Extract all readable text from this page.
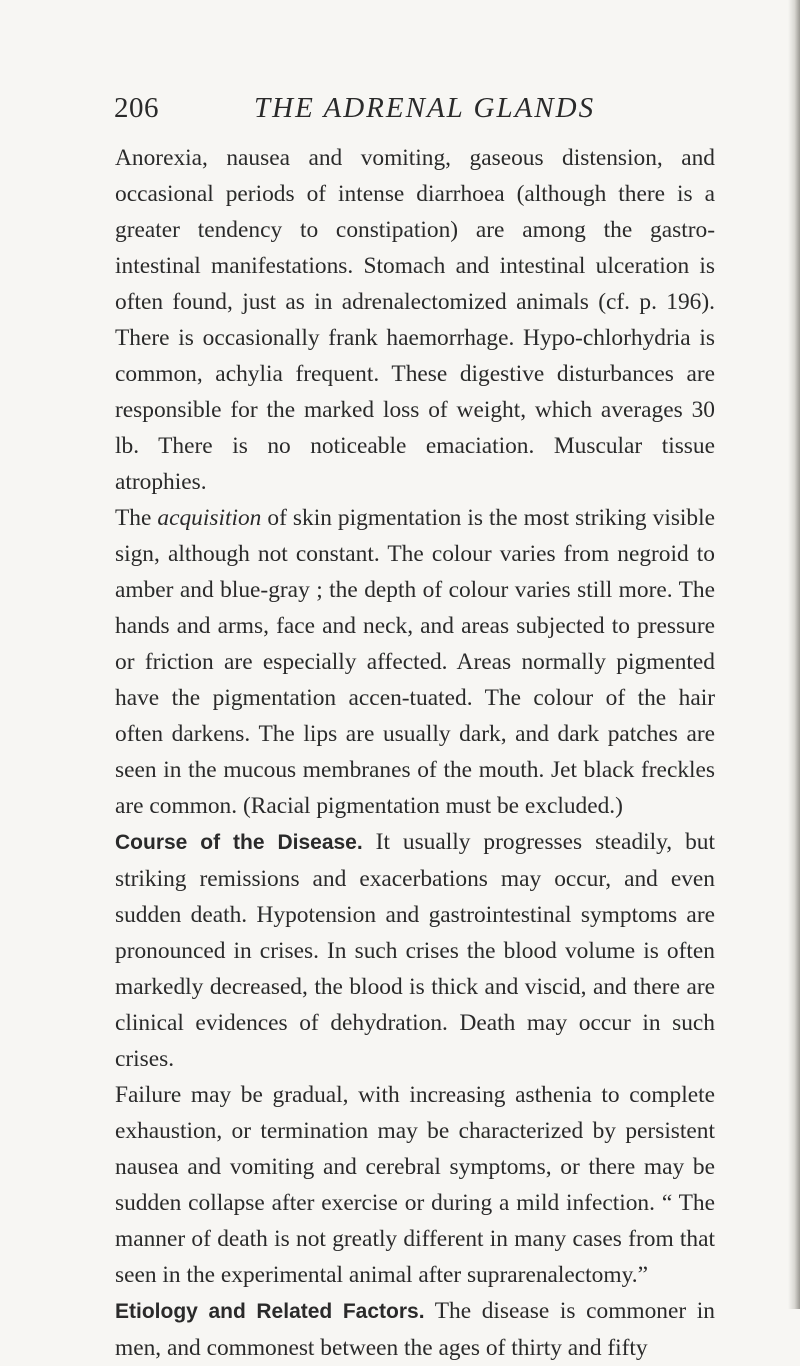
206	THE ADRENAL GLANDS

Anorexia, nausea and vomiting, gaseous distension, and occasional periods of intense diarrhoea (although there is a greater tendency to constipation) are among the gastro-intestinal manifestations. Stomach and intestinal ulceration is often found, just as in adrenalectomized animals (cf. p. 196). There is occasionally frank haemorrhage. Hypo-chlorhydria is common, achylia frequent. These digestive disturbances are responsible for the marked loss of weight, which averages 30 lb. There is no noticeable emaciation. Muscular tissue atrophies.

The acquisition of skin pigmentation is the most striking visible sign, although not constant. The colour varies from negroid to amber and blue-gray ; the depth of colour varies still more. The hands and arms, face and neck, and areas subjected to pressure or friction are especially affected. Areas normally pigmented have the pigmentation accen-tuated. The colour of the hair often darkens. The lips are usually dark, and dark patches are seen in the mucous membranes of the mouth. Jet black freckles are common. (Racial pigmentation must be excluded.)

Course of the Disease. It usually progresses steadily, but striking remissions and exacerbations may occur, and even sudden death. Hypotension and gastrointestinal symptoms are pronounced in crises. In such crises the blood volume is often markedly decreased, the blood is thick and viscid, and there are clinical evidences of dehydration. Death may occur in such crises.

Failure may be gradual, with increasing asthenia to complete exhaustion, or termination may be characterized by persistent nausea and vomiting and cerebral symptoms, or there may be sudden collapse after exercise or during a mild infection. “ The manner of death is not greatly different in many cases from that seen in the experimental animal after suprarenalectomy.”

Etiology and Related Factors. The disease is commoner in men, and commonest between the ages of thirty and fifty
